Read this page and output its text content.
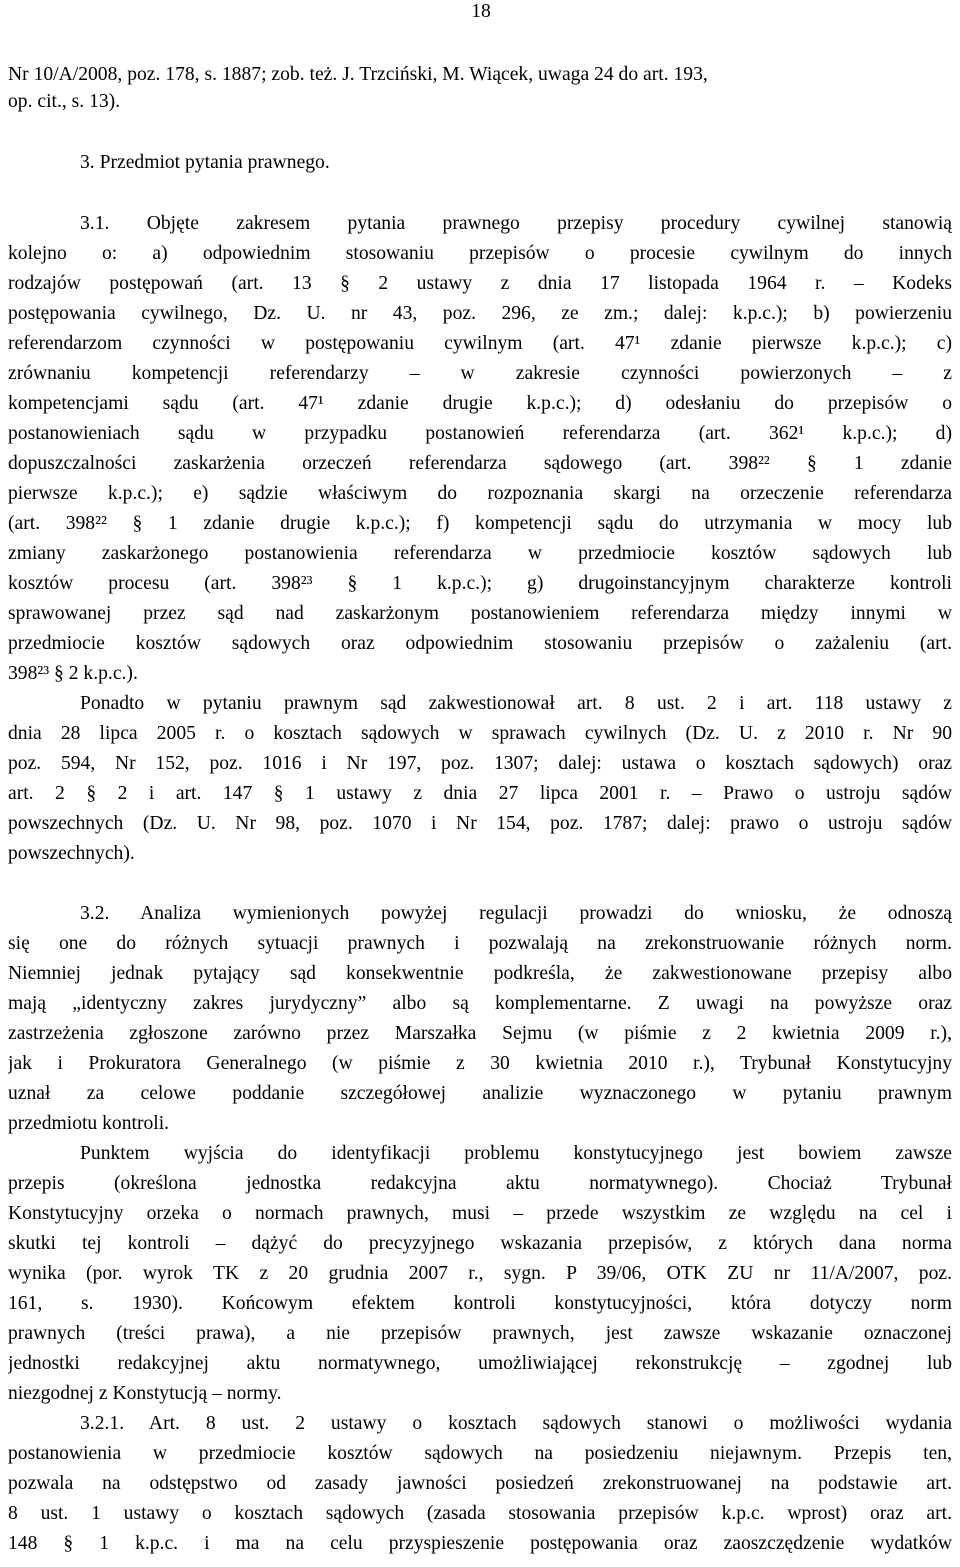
18
Nr 10/A/2008, poz. 178, s. 1887; zob. też. J. Trzciński, M. Wiącek, uwaga 24 do art. 193,
op. cit., s. 13).
3. Przedmiot pytania prawnego.
3.1. Objęte zakresem pytania prawnego przepisy procedury cywilnej stanowią
kolejno o: a) odpowiednim stosowaniu przepisów o procesie cywilnym do innych
rodzajów postępowań (art. 13 § 2 ustawy z dnia 17 listopada 1964 r. – Kodeks
postępowania cywilnego, Dz. U. nr 43, poz. 296, ze zm.; dalej: k.p.c.); b) powierzeniu
referendarzom czynności w postępowaniu cywilnym (art. 47¹ zdanie pierwsze k.p.c.); c)
zrównaniu kompetencji referendarzy – w zakresie czynności powierzonych – z
kompetencjami sądu (art. 47¹ zdanie drugie k.p.c.); d) odesłaniu do przepisów o
postanowieniach sądu w przypadku postanowień referendarza (art. 362¹ k.p.c.); d)
dopuszczalności zaskarżenia orzeczeń referendarza sądowego (art. 398²² § 1 zdanie
pierwsze k.p.c.); e) sądzie właściwym do rozpoznania skargi na orzeczenie referendarza
(art. 398²² § 1 zdanie drugie k.p.c.); f) kompetencji sądu do utrzymania w mocy lub
zmiany zaskarżonego postanowienia referendarza w przedmiocie kosztów sądowych lub
kosztów procesu (art. 398²³ § 1 k.p.c.); g) drugoinstancyjnym charakterze kontroli
sprawowanej przez sąd nad zaskarżonym postanowieniem referendarza między innymi w
przedmiocie kosztów sądowych oraz odpowiednim stosowaniu przepisów o zażaleniu (art.
398²³ § 2 k.p.c.).
Ponadto w pytaniu prawnym sąd zakwestionował art. 8 ust. 2 i art. 118 ustawy z
dnia 28 lipca 2005 r. o kosztach sądowych w sprawach cywilnych (Dz. U. z 2010 r. Nr 90
poz. 594, Nr 152, poz. 1016 i Nr 197, poz. 1307; dalej: ustawa o kosztach sądowych) oraz
art. 2 § 2 i art. 147 § 1 ustawy z dnia 27 lipca 2001 r. – Prawo o ustroju sądów
powszechnych (Dz. U. Nr 98, poz. 1070 i Nr 154, poz. 1787; dalej: prawo o ustroju sądów
powszechnych).
3.2. Analiza wymienionych powyżej regulacji prowadzi do wniosku, że odnoszą
się one do różnych sytuacji prawnych i pozwalają na zrekonstruowanie różnych norm.
Niemniej jednak pytający sąd konsekwentnie podkreśla, że zakwestionowane przepisy albo
mają „identyczny zakres jurydyczny” albo są komplementarne. Z uwagi na powyższe oraz
zastrzeżenia zgłoszone zarówno przez Marszałka Sejmu (w piśmie z 2 kwietnia 2009 r.),
jak i Prokuratora Generalnego (w piśmie z 30 kwietnia 2010 r.), Trybunał Konstytucyjny
uznał za celowe poddanie szczegółowej analizie wyznaczonego w pytaniu prawnym
przedmiotu kontroli.
Punktem wyjścia do identyfikacji problemu konstytucyjnego jest bowiem zawsze
przepis (określona jednostka redakcyjna aktu normatywnego). Chociaż Trybunał
Konstytucyjny orzeka o normach prawnych, musi – przede wszystkim ze względu na cel i
skutki tej kontroli – dążyć do precyzyjnego wskazania przepisów, z których dana norma
wynika (por. wyrok TK z 20 grudnia 2007 r., sygn. P 39/06, OTK ZU nr 11/A/2007, poz.
161, s. 1930). Końcowym efektem kontroli konstytucyjności, która dotyczy norm
prawnych (treści prawa), a nie przepisów prawnych, jest zawsze wskazanie oznaczonej
jednostki redakcyjnej aktu normatywnego, umożliwiającej rekonstrukcję – zgodnej lub
niezgodnej z Konstytucją – normy.
3.2.1. Art. 8 ust. 2 ustawy o kosztach sądowych stanowi o możliwości wydania
postanowienia w przedmiocie kosztów sądowych na posiedzeniu niejawnym. Przepis ten,
pozwala na odstępstwo od zasady jawności posiedzeń zrekonstruowanej na podstawie art.
8 ust. 1 ustawy o kosztach sądowych (zasada stosowania przepisów k.p.c. wprost) oraz art.
148 § 1 k.p.c. i ma na celu przyspieszenie postępowania oraz zaoszczędzenie wydatków
